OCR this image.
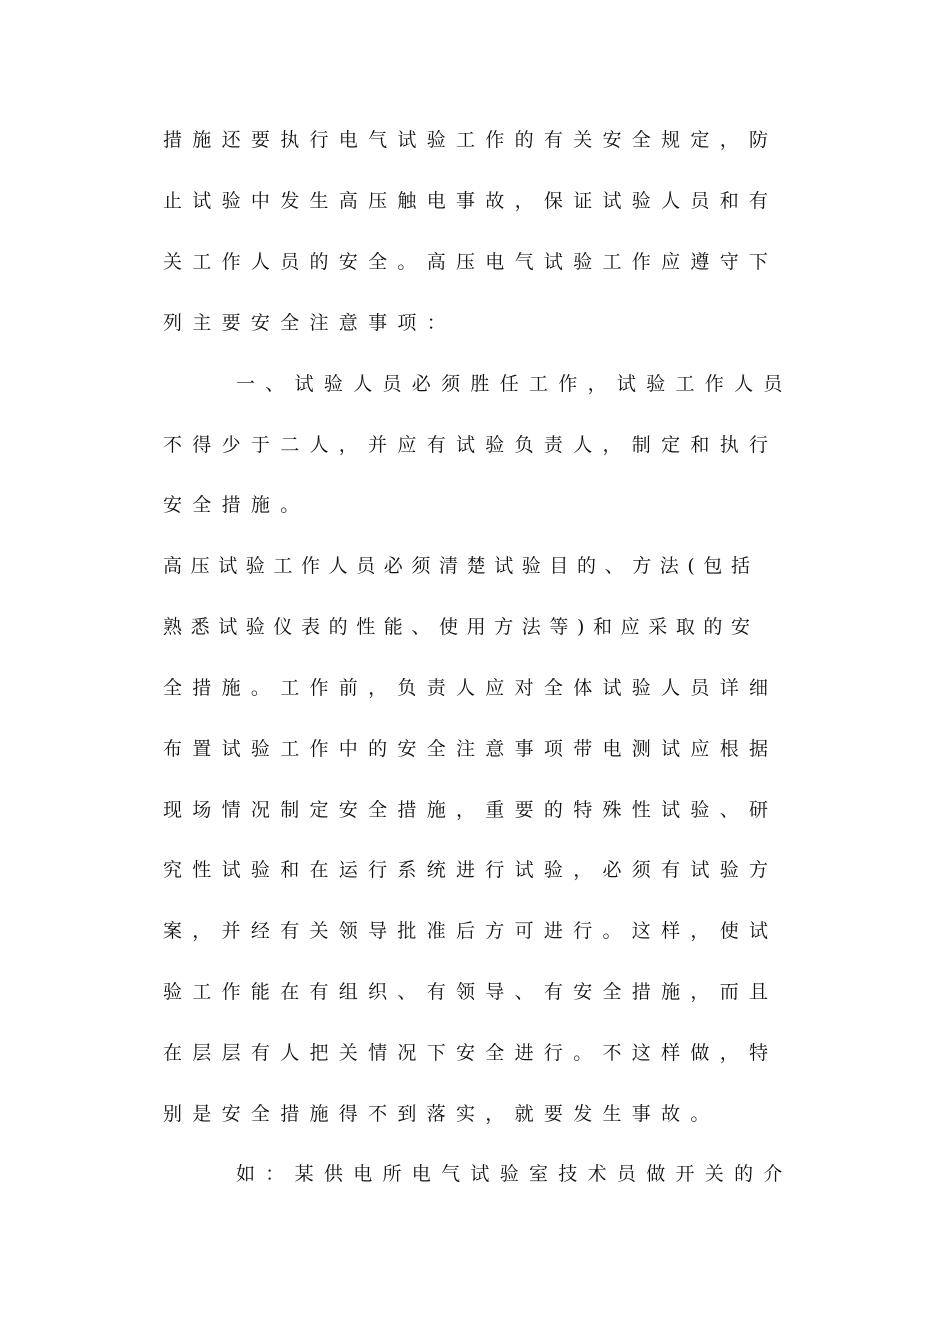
措施还要执行电气试验工作的有关安全规定，防
止试验中发生高压触电事故，保证试验人员和有
关工作人员的安全。高压电气试验工作应遵守下
列主要安全注意事项：
一、试验人员必须胜任工作，试验工作人员
不得少于二人，并应有试验负责人，制定和执行
安全措施。
高压试验工作人员必须清楚试验目的、方法(包括
熟悉试验仪表的性能、使用方法等)和应采取的安
全措施。工作前，负责人应对全体试验人员详细
布置试验工作中的安全注意事项带电测试应根据
现场情况制定安全措施，重要的特殊性试验、研
究性试验和在运行系统进行试验，必须有试验方
案，并经有关领导批准后方可进行。这样，使试
验工作能在有组织、有领导、有安全措施，而且
在层层有人把关情况下安全进行。不这样做，特
别是安全措施得不到落实，就要发生事故。
如：某供电所电气试验室技术员做开关的介
